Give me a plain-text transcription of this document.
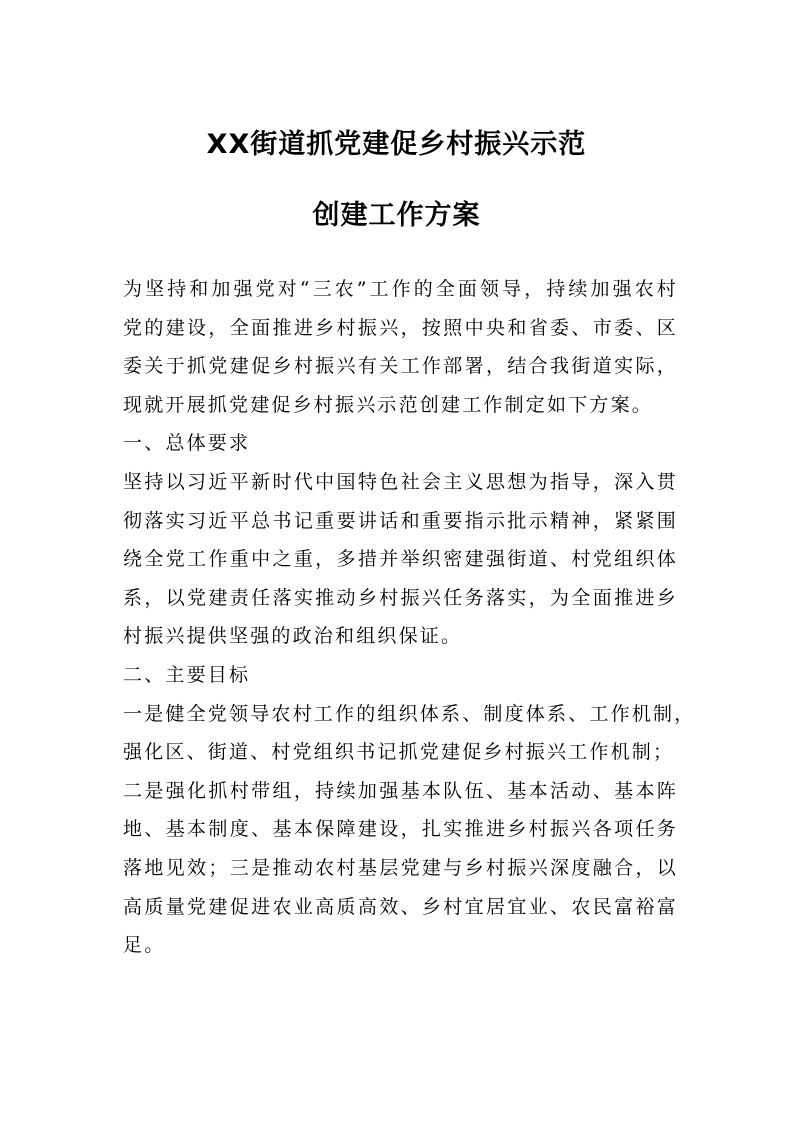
XX街道抓党建促乡村振兴示范
创建工作方案
为坚持和加强党对“三农”工作的全面领导，持续加强农村
党的建设，全面推进乡村振兴，按照中央和省委、市委、区
委关于抓党建促乡村振兴有关工作部署，结合我街道实际，
现就开展抓党建促乡村振兴示范创建工作制定如下方案。
一、总体要求
坚持以习近平新时代中国特色社会主义思想为指导，深入贯
彻落实习近平总书记重要讲话和重要指示批示精神，紧紧围
绕全党工作重中之重，多措并举织密建强街道、村党组织体
系，以党建责任落实推动乡村振兴任务落实，为全面推进乡
村振兴提供坚强的政治和组织保证。
二、主要目标
一是健全党领导农村工作的组织体系、制度体系、工作机制，
强化区、街道、村党组织书记抓党建促乡村振兴工作机制；
二是强化抓村带组，持续加强基本队伍、基本活动、基本阵
地、基本制度、基本保障建设，扎实推进乡村振兴各项任务
落地见效；三是推动农村基层党建与乡村振兴深度融合，以
高质量党建促进农业高质高效、乡村宜居宜业、农民富裕富
足。
